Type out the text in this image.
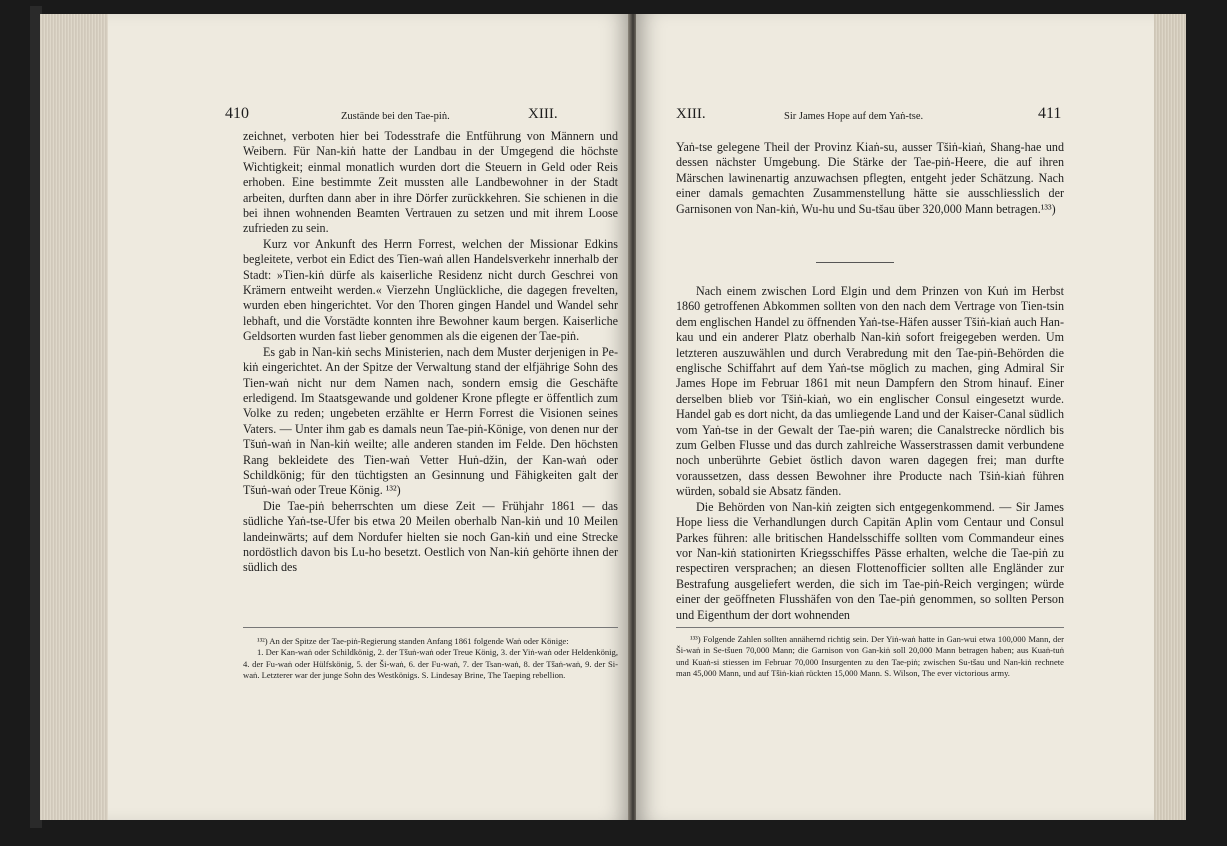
410	Zustände bei den Tae-piṅ.	XIII.

zeichnet, verboten hier bei Todesstrafe die Entführung von Männern und Weibern. Für Nan-kiṅ hatte der Landbau in der Umgegend die höchste Wichtigkeit; einmal monatlich wurden dort die Steuern in Geld oder Reis erhoben. Eine bestimmte Zeit mussten alle Landbewohner in der Stadt arbeiten, durften dann aber in ihre Dörfer zurückkehren. Sie schienen in die bei ihnen wohnenden Beamten Vertrauen zu setzen und mit ihrem Loose zufrieden zu sein.

Kurz vor Ankunft des Herrn Forrest, welchen der Missionar Edkins begleitete, verbot ein Edict des Tien-waṅ allen Handelsverkehr innerhalb der Stadt: »Tien-kiṅ dürfe als kaiserliche Residenz nicht durch Geschrei von Krämern entweiht werden.« Vierzehn Unglückliche, die dagegen frevelten, wurden eben hingerichtet. Vor den Thoren gingen Handel und Wandel sehr lebhaft, und die Vorstädte konnten ihre Bewohner kaum bergen. Kaiserliche Geldsorten wurden fast lieber genommen als die eigenen der Tae-piṅ.

Es gab in Nan-kiṅ sechs Ministerien, nach dem Muster derjenigen in Pe-kiṅ eingerichtet. An der Spitze der Verwaltung stand der elfjährige Sohn des Tien-waṅ nicht nur dem Namen nach, sondern emsig die Geschäfte erledigend. Im Staatsgewande und goldener Krone pflegte er öffentlich zum Volke zu reden; ungebeten erzählte er Herrn Forrest die Visionen seines Vaters. — Unter ihm gab es damals neun Tae-piṅ-Könige, von denen nur der Tšuṅ-waṅ in Nan-kiṅ weilte; alle anderen standen im Felde. Den höchsten Rang bekleidete des Tien-waṅ Vetter Huṅ-džin, der Kan-waṅ oder Schildkönig; für den tüchtigsten an Gesinnung und Fähigkeiten galt der Tšuṅ-waṅ oder Treue König. ¹³²)

Die Tae-piṅ beherrschten um diese Zeit — Frühjahr 1861 — das südliche Yaṅ-tse-Ufer bis etwa 20 Meilen oberhalb Nan-kiṅ und 10 Meilen landeinwärts; auf dem Nordufer hielten sie noch Gan-kiṅ und eine Strecke nordöstlich davon bis Lu-ho besetzt. Oestlich von Nan-kiṅ gehörte ihnen der südlich des

¹³²) An der Spitze der Tae-piṅ-Regierung standen Anfang 1861 folgende Waṅ oder Könige:

1. Der Kan-waṅ oder Schildkönig, 2. der Tšuṅ-waṅ oder Treue König, 3. der Yiṅ-waṅ oder Heldenkönig, 4. der Fu-waṅ oder Hülfskönig, 5. der Ši-waṅ, 6. der Fu-waṅ, 7. der Tsan-waṅ, 8. der Tšaṅ-waṅ, 9. der Si-waṅ. Letzterer war der junge Sohn des Westkönigs. S. Lindesay Brine, The Taeping rebellion.

XIII.	Sir James Hope auf dem Yaṅ-tse.	411

Yaṅ-tse gelegene Theil der Provinz Kiaṅ-su, ausser Tšiṅ-kiaṅ, Shang-hae und dessen nächster Umgebung. Die Stärke der Tae-piṅ-Heere, die auf ihren Märschen lawinenartig anzuwachsen pflegten, entgeht jeder Schätzung. Nach einer damals gemachten Zusammenstellung hätte sie ausschliesslich der Garnisonen von Nan-kiṅ, Wu-hu und Su-tšau über 320,000 Mann betragen.¹³³)

Nach einem zwischen Lord Elgin und dem Prinzen von Kuṅ im Herbst 1860 getroffenen Abkommen sollten von den nach dem Vertrage von Tien-tsin dem englischen Handel zu öffnenden Yaṅ-tse-Häfen ausser Tšiṅ-kiaṅ auch Han-kau und ein anderer Platz oberhalb Nan-kiṅ sofort freigegeben werden. Um letzteren auszuwählen und durch Verabredung mit den Tae-piṅ-Behörden die englische Schiffahrt auf dem Yaṅ-tse möglich zu machen, ging Admiral Sir James Hope im Februar 1861 mit neun Dampfern den Strom hinauf. Einer derselben blieb vor Tšiṅ-kiaṅ, wo ein englischer Consul eingesetzt wurde. Handel gab es dort nicht, da das umliegende Land und der Kaiser-Canal südlich vom Yaṅ-tse in der Gewalt der Tae-piṅ waren; die Canalstrecke nördlich bis zum Gelben Flusse und das durch zahlreiche Wasserstrassen damit verbundene noch unberührte Gebiet östlich davon waren dagegen frei; man durfte voraussetzen, dass dessen Bewohner ihre Producte nach Tšiṅ-kiaṅ führen würden, sobald sie Absatz fänden.

Die Behörden von Nan-kiṅ zeigten sich entgegenkommend. — Sir James Hope liess die Verhandlungen durch Capitän Aplin vom Centaur und Consul Parkes führen: alle britischen Handelsschiffe sollten vom Commandeur eines vor Nan-kiṅ stationirten Kriegsschiffes Pässe erhalten, welche die Tae-piṅ zu respectiren versprachen; an diesen Flottenofficier sollten alle Engländer zur Bestrafung ausgeliefert werden, die sich im Tae-piṅ-Reich vergingen; würde einer der geöffneten Flusshäfen von den Tae-piṅ genommen, so sollten Person und Eigenthum der dort wohnenden

¹³³) Folgende Zahlen sollten annähernd richtig sein. Der Yiṅ-waṅ hatte in Gan-wui etwa 100,000 Mann, der Ši-waṅ in Se-tšuen 70,000 Mann; die Garnison von Gan-kiṅ soll 20,000 Mann betragen haben; aus Kuaṅ-tuṅ und Kuaṅ-si stiessen im Februar 70,000 Insurgenten zu den Tae-piṅ; zwischen Su-tšau und Nan-kiṅ rechnete man 45,000 Mann, und auf Tšiṅ-kiaṅ rückten 15,000 Mann. S. Wilson, The ever victorious army.
